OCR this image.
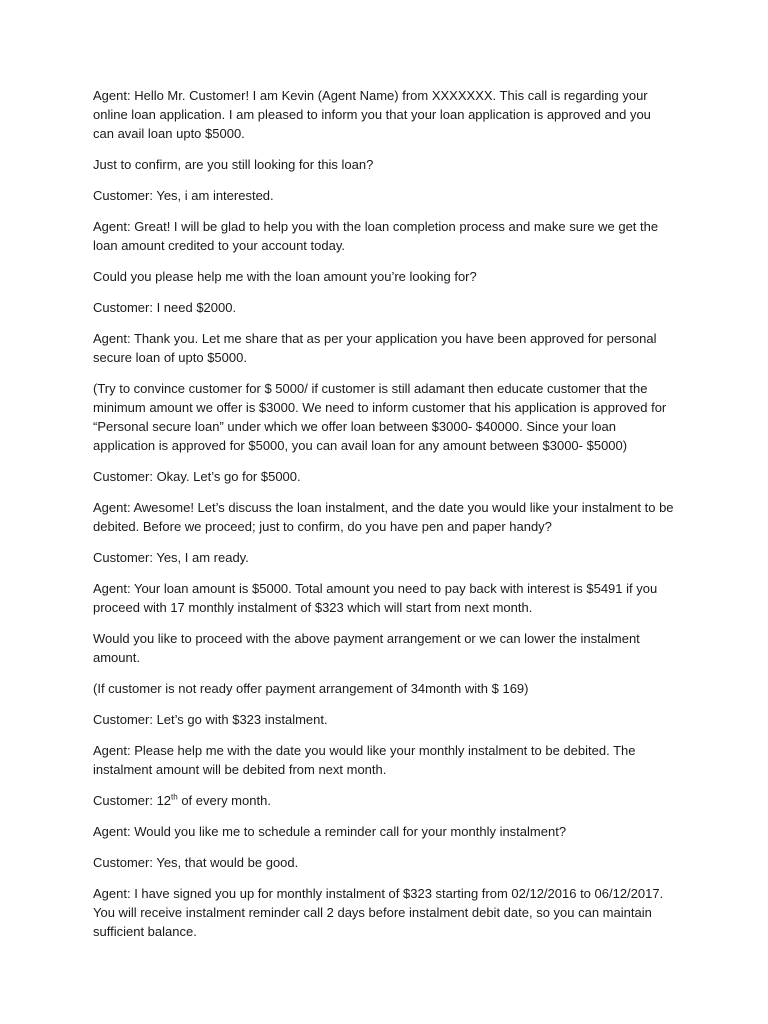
Agent: Hello Mr. Customer! I am Kevin (Agent Name) from XXXXXXX. This call is regarding your online loan application. I am pleased to inform you that your loan application is approved and you can avail loan upto $5000.

Just to confirm, are you still looking for this loan?

Customer: Yes, i am interested.

Agent: Great! I will be glad to help you with the loan completion process and make sure we get the loan amount credited to your account today.

Could you please help me with the loan amount you’re looking for?

Customer: I need $2000.

Agent: Thank you. Let me share that as per your application you have been approved for personal secure loan of upto $5000.

(Try to convince customer for $ 5000/ if customer is still adamant then educate customer that the minimum amount we offer is $3000. We need to inform customer that his application is approved for “Personal secure loan” under which we offer loan between $3000- $40000. Since your loan application is approved for $5000, you can avail loan for any amount between $3000- $5000)

Customer: Okay. Let’s go for $5000.

Agent: Awesome! Let’s discuss the loan instalment, and the date you would like your instalment to be debited. Before we proceed; just to confirm, do you have pen and paper handy?

Customer: Yes, I am ready.

Agent: Your loan amount is $5000. Total amount you need to pay back with interest is $5491 if you proceed with 17 monthly instalment of $323 which will start from next month.

Would you like to proceed with the above payment arrangement or we can lower the instalment amount.

(If customer is not ready offer payment arrangement of 34month with $ 169)

Customer: Let’s go with $323 instalment.

Agent: Please help me with the date you would like your monthly instalment to be debited. The instalment amount will be debited from next month.

Customer: 12th of every month.

Agent: Would you like me to schedule a reminder call for your monthly instalment?

Customer: Yes, that would be good.

Agent: I have signed you up for monthly instalment of $323 starting from 02/12/2016 to 06/12/2017. You will receive instalment reminder call 2 days before instalment debit date, so you can maintain sufficient balance.
